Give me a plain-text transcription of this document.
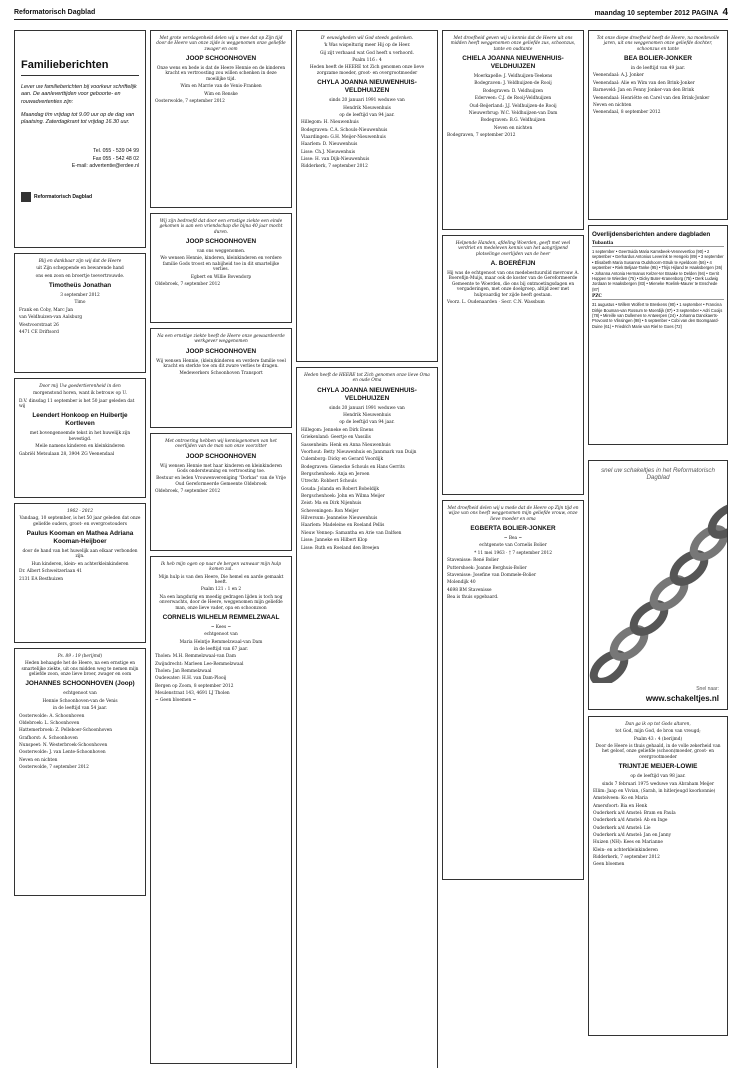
Reformatorisch Dagblad	maandag 10 september 2012 PAGINA 4
Familieberichten
Lever uw familieberichten bij voorkeur schriftelijk aan. De aanleverttijden voor geboorte- en rouwadvertenties zijn:
Maandag t/m vrijdag tot 9.00 uur op de dag van plaatsing. Zaterdagkrant tot vrijdag 16.30 uur.
Tel. 055 - 539 04 99
Fax 055 - 542 48 02
E-mail: advertentie@erdee.nl
Reformatorisch Dagblad

Blij en dankbaar zijn wij dat de Heere

uit Zijn scheppende en bewarende hand

ons een zoon en broertje toevertrouwde.

Timotheüs Jonathan

3 september 2012

Timo

Frank en Coby, Marc Jan

van Veldhuizen-van Aalsburg

Westvoorstraat 26

4471 CE Driftsord

Door mij Uw goedertierenheid in den

morgenstond horen, want ik betrouw op U.

D.V. dinsdag 11 september is het 50 jaar geleden dat wij

Leendert Honkoop en Huibertje Kortleven

met bovengenoemde tekst in het huwelijk zijn bevestigd.

Meile namens kinderen en kleinkinderen

Gabriël Metsulaan 28, 3904 ZG Veenendaal

1962 · 2012

Vandaag, 10 september, is het 50 jaar geleden dat onze geliefde ouders, groot- en overgrootouders

Paulus Kooman en Mathea Adriana Kooman-Heijboer

door de hand van het huwelijk aan elkaar verbonden zijn.

Hun kinderen, klein- en achterkleinkinderen

Dr. Albert Schweitzerlaan 41

2131 EA Besthuizen

Ps. 89 : 19 (berijmd)

Heden behaagde het de Heere, na een ernstige en smartelijke ziekte, uit ons midden weg te nemen mijn geliefde zoon, onze lieve broer, zwager en oom

JOHANNES SCHOONHOVEN (Joop)

echtgenoot van

Hennie Schoonhoven-van de Venis

in de leeftijd van 54 jaar.

Oosterwolde: A. Schoonhoven

Oldebroek: L. Schoonhoven

Hattemerbroek: Z. Pelleboer-Schoonhoven

Grafhorst: A. Schoonhoven

Nunspeet: N. Westerbroek-Schoonhoven

Oosterwolde: J. van Lente-Schoonhoven

Neven en nichten

Oosterwolde, 7 september 2012

Met grote verslagenheid delen wij u mee dat op Zijn tijd door de Heere van onze zijde is weggenomen onze geliefde zwager en oom

JOOP SCHOONHOVEN

Onze wens en bede is dat de Heere Hennie en de kinderen kracht en vertroosting zou willen schenken in deze moeilijke tijd.

Wim en Marrie van de Venis-Franken

Wim en Renske

Oosterwolde, 7 september 2012

Wij zijn bedroefd dat door een ernstige ziekte een einde gekomen is aan een vriendschap die bijna 40 jaar mocht duren.

JOOP SCHOONHOVEN

van ons weggenomen.

We wensen Hennie, kinderen, kleinkinderen en verdere familie Gods troost en nabijheid toe in dit smartelijke verlies.

Egbert en Willie Bovendorp

Oldebroek, 7 september 2012

Na een ernstige ziekte heeft de Heere onze gewaardeerde werkgever weggenomen

JOOP SCHOONHOVEN

Wij wensen Hennie, (klein)kinderen en verdere familie veel kracht en sterkte toe om dit zware verlies te dragen.

Medewerkers Schoonhoven Transport

Met ontroering hebben wij kennisgenomen van het overlijden van de man van onze voorzitter

JOOP SCHOONHOVEN

Wij wensen Hennie met haar kinderen en kleinkinderen Gods ondersteuning en vertroosting toe.

Bestuur en leden Vrouwenvereniging "Dorkas" van de Vrije Oud Gereformeerde Gemeente Oldebroek

Oldebroek, 7 september 2012

Ik heb mijn ogen op naar de bergen vanwaar mijn hulp komen zal.

Mijn hulp is van den Heere, Die hemel en aarde gemaakt heeft.

Psalm 121 : 1 en 2

Na een langdurig en moedig gedragen lijden is toch nog onverwachts, door de Heere, weggenomen mijn geliefde man, onze lieve vader, opa en schoonzoon

CORNELIS WILHELM REMMELZWAAL

~ Kees ~

echtgenoot van

Maria Heintje Remmelzwaal-van Dam

in de leeftijd van 67 jaar.

Tholen: M.H. Remmelzwaal-van Dam

Zwijndrecht: Marleen Lee-Remmelzwaal

Tholen: Jan Remmelzwaal

Oudewater: H.H. van Dam-Plooij

Bergen op Zoom, 8 september 2012

Meulenstraat 143, 4691 LJ Tholen

~ Geen bloemen ~

D' eeuwigheden wil God steeds gedenken.

'k Was wispelturig meer Hij op de Heer.

Gij zijt verbaasd wat God heeft u verhoord.

Psalm 116 : 4

Heden heeft de HEERE tot Zich genomen onze lieve zorgzame moeder, groot- en overgrootmoeder

CHYLA JOANNA NIEUWENHUIS-VELDHUIJZEN

sinds 20 januari 1991 weduwe van

Hendrik Nieuwenhuis

op de leeftijd van 94 jaar.

Hillegom: H. Nieuwenhuis

Bodegraven: C.A. Schouls-Nieuwenhuis

Vlaardingen: G.H. Meijer-Nieuwenhuis

Haarlem: D. Nieuwenhuis

Lisse: Ch.J. Nieuwenhuis

Lisse: H. van Dijk-Nieuwenhuis

Ridderkerk, 7 september 2012

Heden heeft de HEERE tot Zich genomen onze lieve Oma en oude Oma

CHYLA JOANNA NIEUWENHUIS-VELDHUIJZEN

sinds 20 januari 1991 weduwe van

Hendrik Nieuwenhuis

op de leeftijd van 94 jaar.

Hillegom: Jenneke en Dirk Enens

Griekenland: Geertje en Vassilis

Sassenheim: Henk en Anna Nieuwenhuis

Voorhout: Betty Nieuwenhuis en Jannmark van Duijn

Culemborg: Dicky en Gerard Voordijk

Bodegraven: Gienecke Schouls en Hans Gerrits

Bergschenhoek: Anja en Jeroen

Utrecht: Robbert Schouls

Gouda: Jolanda en Robert Bobeldijk

Bergschenhoek: John en Wilma Meijer

Zeist: Ma en Dirk Nijenhuis

Scheveningen: Ron Meijer

Hilversum: Jeannelse Nieuwenhuis

Haarlem: Madeleine en Roeland Pellis

Nieuw Vennep: Samantha en Arie van Dalfsen

Lisse: Janneke en Hilbert Klop

Lisse: Ruth en Roeland den Breejen

Met droefheid geven wij u kennis dat de Heere uit ons midden heeft weggenomen onze geliefde zus, schoonzus, tante en oudtante

CHIELA JOANNA NIEUWENHUIS-VELDHUIJZEN

Moerkapelle: J. Veldhuijzen-Teekens

Bodegraven: J. Veldhuijzen-de Rooij

Bodegraven: D. Veldhuijzen

Ederveen: C.J. de Rooij-Veldhuijzen

Oud-Beijerland: J.J. Veldhuijzen-de Rooij

Nieuwerbrug: W.C. Veldhuijzen-van Dam

Bodegraven: B.G. Veldhuijzen

Neven en nichten

Bodegraven, 7 september 2012

Helpende Handen, afdeling Woerden, geeft met veel verdriet en medeleven kennis van het aangrijpend plotselinge overlijden van de heer

A. BOERÉFIJN

Hij was de echtgenoot van ons medebestuurslid mevrouw A. Boerefijn-Muijs, maar ook de koster van de Gereformeerde Gemeente te Woerden, die ons bij ontmoetingsdagen en vergaderingen, met onze doelgroep, altijd zeer met hulpvaardig ter zijde heeft gestaan.

Voorz. L. Oudenaarden · Secr. C.N. Wassbum

Met droefheid delen wij u mede dat de Heere op Zijn tijd en wijze van ons heeft weggenomen mijn geliefde vrouw, onze lieve moeder en oma

EGBERTA BOLIER-JONKER

~ Bea ~

echtgenote van Cornelis Bolier

* 11 mei 1963 · † 7 september 2012

Stavenisse: René Bolier

Puttershoek: Joanne Berghuis-Bolier

Stavenisse: Josefine van Dommele-Bolier

Molendijk 40

4698 BM Stavenisse

Bea is thuis opgebaard.

Tot onze diepe droefheid heeft de Heere, na moeitevolle jaren, uit ons weggenomen onze geliefde dochter, schoonzus en tante

BEA BOLIER-JONKER

in de leeftijd van 49 jaar.

Veenendaal: A.J. Jonker

Veenendaal: Alie en Wim van den Brink-Jonker

Barneveld: Jan en Fenny Jonker-van den Brink

Veenendaal: Henriëtte en Carel van den Brink-Jonker

Neven en nichten

Veenendaal, 8 september 2012

Overlijdensberichten andere dagbladen
Tubantia
1 september • Geertruida Maria Kamsbeek-Vennevertloo (90) • 2 september • Gerhardus Antonius Leverink te Hengelo (89) • 3 september • Elisabeth Maria Susanna Oudshoorn-Struik te Apeldoorn (56) • 4 september • Riek Beljaar-Tanke (95) • Thijs Hijland te Haaksbergen (36) • Johanna Antonia Hermanus Kelzer-ter Braake te Delden (94) • Gerrit Hoppen te Wierden (75) • Dicky Buter-Kranenborg (75) • Derk Ludwig Jordaan te Haaksbergen (83) • Mieneke Roelink-Maurer te Enschede (87)
PZC
31 augustus • Willem Wolfert te Breskens (90) • 1 september • Francina Dirkje Bouman-van Rossum te Moerdijk (87) • 3 september • Adri Cooijs (78) • Mireille van Dullemen te Antwerpen (24) • Johanna Danckaerts-Provoost te Vlissingen (98) • 5 september • Cobi van den Boomgaard-Duine (61) • Friedrich Marie van Riel te Goes (72)
snel uw schakeltjes in het Reformatorisch Dagblad
Snel naar:
www.schakeltjes.nl

Dan ga ik op tot Gods altaren,

tot God, mijn God, de bron van vreugd;

Psalm 43 : 4 (berijmd)

Door de Heere is thuis gehaald, in de volle zekerheid van het geloof, onze geliefde (schoon)moeder, groot- en overgrootmoeder

TRIJNTJE MEIJER-LOWIE

op de leeftijd van 98 jaar.

sinds 7 februari 1975 weduwe van Abraham Meijer

Ellim: Jaap en Vivian, (Sarah, in hitlerjeugd koorkonnie)

Amstelveen: Ko en Maria

Amersfoort: Bia en Henk

Ouderkerk a/d Amstel: Bram en Paula

Ouderkerk a/d Amstel: Ab en Inge

Ouderkerk a/d Amstel: Lie

Ouderkerk a/d Amstel: Jan en Janny

Huizen (NH): Kees en Marianne

Klein- en achterkleinkinderen

Ridderkerk, 7 september 2012

Geen bloemen
